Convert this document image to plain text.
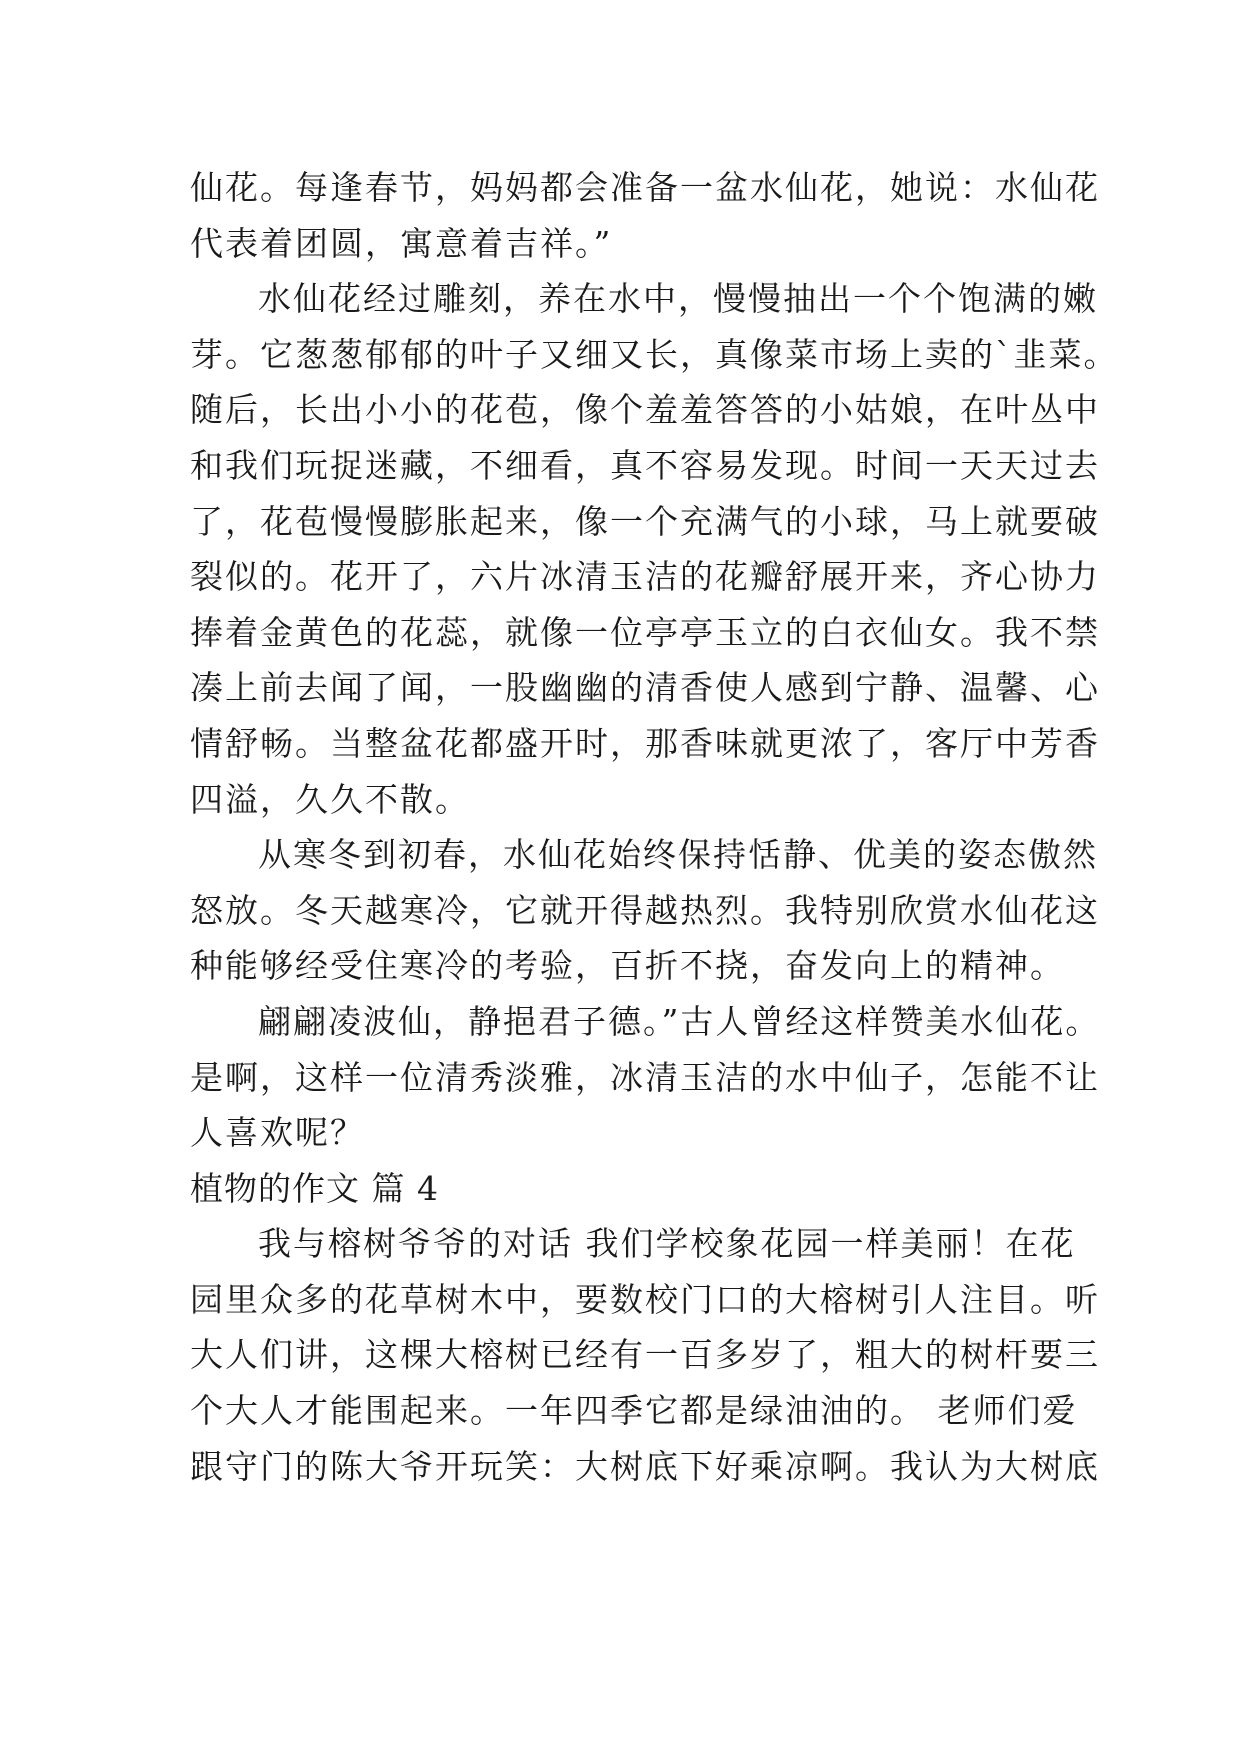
仙花。每逢春节，妈妈都会准备一盆水仙花，她说：水仙花
代表着团圆，寓意着吉祥。”
水仙花经过雕刻，养在水中，慢慢抽出一个个饱满的嫩
芽。它葱葱郁郁的叶子又细又长，真像菜市场上卖的`韭菜。
随后，长出小小的花苞，像个羞羞答答的小姑娘，在叶丛中
和我们玩捉迷藏，不细看，真不容易发现。时间一天天过去
了，花苞慢慢膨胀起来，像一个充满气的小球，马上就要破
裂似的。花开了，六片冰清玉洁的花瓣舒展开来，齐心协力
捧着金黄色的花蕊，就像一位亭亭玉立的白衣仙女。我不禁
凑上前去闻了闻，一股幽幽的清香使人感到宁静、温馨、心
情舒畅。当整盆花都盛开时，那香味就更浓了，客厅中芳香
四溢，久久不散。
从寒冬到初春，水仙花始终保持恬静、优美的姿态傲然
怒放。冬天越寒冷，它就开得越热烈。我特别欣赏水仙花这
种能够经受住寒冷的考验，百折不挠，奋发向上的精神。
翩翩凌波仙，静挹君子德。”古人曾经这样赞美水仙花。
是啊，这样一位清秀淡雅，冰清玉洁的水中仙子，怎能不让
人喜欢呢？
植物的作文 篇 4
我与榕树爷爷的对话 我们学校象花园一样美丽！在花
园里众多的花草树木中，要数校门口的大榕树引人注目。听
大人们讲，这棵大榕树已经有一百多岁了，粗大的树杆要三
个大人才能围起来。一年四季它都是绿油油的。 老师们爱
跟守门的陈大爷开玩笑：大树底下好乘凉啊。我认为大树底
